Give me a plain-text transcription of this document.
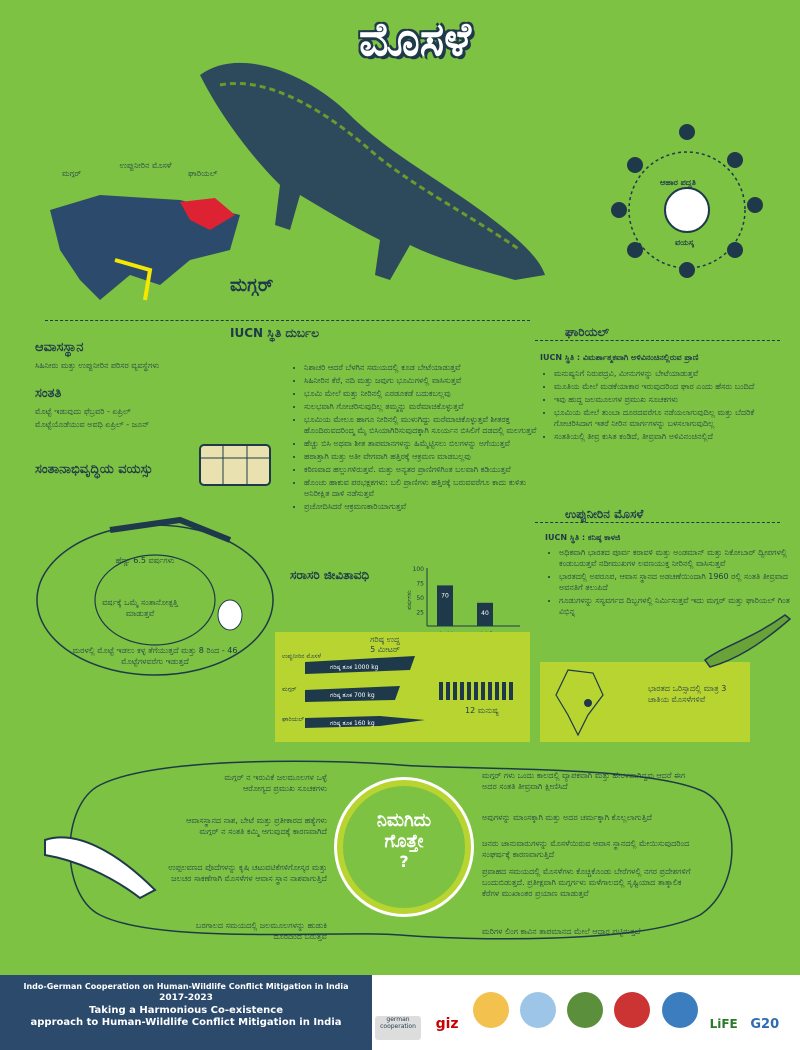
ಮೊಸಳೆ
ಮಗ್ಗರ್
ಉಪ್ಪುನೀರಿನ ಮೊಸಳೆ
ಘಾರಿಯಲ್
ಮಗ್ಗರ್
ಆಹಾರ ಪದ್ಧತಿ
ವಯಸ್ಕ
IUCN ಸ್ಥಿತಿ ದುರ್ಬಲ
ಆವಾಸಸ್ಥಾನ
ಸಿಹಿನೀರು ಮತ್ತು ಉಪ್ಪುನೀರಿನ ಪರಿಸರ ವ್ಯವಸ್ಥೆಗಳು
ಸಂತತಿ
ಮೊಟ್ಟೆ ಇಡುವುದು ಫೆಬ್ರವರಿ - ಏಪ್ರಿಲ್
ಮೊಟ್ಟೆಯೊಡೆಯುವ ಅವಧಿ ಏಪ್ರಿಲ್ - ಜೂನ್
ಸಂತಾನಾಭಿವೃದ್ಧಿಯ ವಯಸ್ಸು
ಹೆಣ್ಣು 6.5 ವರ್ಷಗಳು
ವರ್ಷಕ್ಕೆ ಒಮ್ಮೆ ಸಂತಾನೋತ್ಪತ್ತಿ ಮಾಡುತ್ತವೆ
ಮರಳಲ್ಲಿ ಮೊಟ್ಟೆ ಇಡಲು ಕಳ್ಳ ತೆಗೆಯುತ್ತದೆ ಮತ್ತು 8 ರಿಂದ - 46 ಮೊಟ್ಟೆಗಳವರೆಗು ಇಡುತ್ತದೆ
• ನಿಶಾಚರಿ ಆದರೆ ಬೆಳಗಿನ ಸಮಯದಲ್ಲಿ ಕೂಡ ಬೇಟೆಯಾಡುತ್ತವೆ
• ಸಿಹಿನೀರಿನ ಕೆರೆ, ನದಿ ಮತ್ತು ಜವುಗು ಭೂಮಿಗಳಲ್ಲಿ ವಾಸಿಸುತ್ತವೆ
• ಭೂಮಿ ಮೇಲೆ ಮತ್ತು ನೀರಿನಲ್ಲಿ ಎರಡೂಕಡೆ ಬದುಕಬಲ್ಲವು
• ಸುಲಭವಾಗಿ ಗೋಚರಿಸುವುದಿಲ್ಲ ತಮ್ಮನ್ನು ಮರೆಮಾಚಿಕೊಳ್ಳುತ್ತವೆ
• ಭೂಮಿಯ ಮೇಲೂ ಹಾಗೂ ನೀರಿನಲ್ಲಿ ಮುಳುಗಿದ್ದು ಮರೆಮಾಚಿಕೊಳ್ಳುತ್ತವೆ ಶೀತರಕ್ತ ಹೊಂದಿರುವದರಿಂದ್ಮ ಮೈ ಬಿಸಿಯಾಗಿರಿಸುವುದಕ್ಕಾಗಿ ಸೂರ್ಯನ ಬಿಸಿಲಿಗೆ ದಡದಲ್ಲಿ ಮಲಗುತ್ತವೆ
• ಹೆಚ್ಚು ಬಿಸಿ ಅಥವಾ ಶೀತ ತಾಪಮಾನಗಳನ್ನು ಹಿಮ್ಮೆಟ್ಟಿಸಲು ಬಿಲಗಳನ್ನು ಅಗೆಯುತ್ತವೆ
• ಹಠಾತ್ತಾಗಿ ಮತ್ತು ಅತೀ ವೇಗವಾಗಿ ಹತ್ತಿರಕ್ಕೆ ಆಕ್ರಮಣ ಮಾಡಬಲ್ಲವು
• ಕಠಿಣವಾದ ಹಲ್ಲುಗಳಿರುತ್ತವೆ. ಮತ್ತು ಅನ್ಯತರ ಪ್ರಾಣಿಗಳಿಗಿಂತ ಬಲವಾಗಿ ಕಡಿಯುತ್ತವೆ
• ಹೊಂಚು ಹಾಕುವ ಪರಭಕ್ಷಕಗಳು: ಬಲಿ ಪ್ರಾಣಿಗಳು ಹತ್ತಿರಕ್ಕೆ ಬರುವವರೆಗೂ ಕಾದು ಕುಳಿತು ಅನಿರೀಕ್ಷಿತ ದಾಳಿ ನಡೆಸುತ್ತವೆ
• ಪ್ರಚೋದಿಸಿದರೆ ಆಕ್ರಮಣಕಾರಿಯಾಗುತ್ತವೆ
ಸರಾಸರಿ ಜೀವಿತಾವಧಿ	100
75
50
25
ವರ್ಷಗಳು	70
40
ಗರಿಷ್ಠ ಉದ್ದ
5 ಮೀಟರ್
ಉಪ್ಪುನೀರಿನ ಮೊಸಳೆ
ಗರಿಷ್ಠ ತೂಕ 1000 kg
ಮಗ್ಗರ್
ಗರಿಷ್ಠ ತೂಕ 700 kg
ಘಾರಿಯಲ್
ಗರಿಷ್ಠ ತೂಕ 160 kg
12 ಮನುಷ್ಯ
ಘಾರಿಯಲ್
IUCN ಸ್ಥಿತಿ : ವಿಮರ್ಶಾತ್ಮಕವಾಗಿ ಅಳಿವಿನಂಚಿನಲ್ಲಿರುವ ಪ್ರಾಣಿ
• ಮನುಷ್ಯನಿಗೆ ನಿರುಪದ್ರವಿ, ಮೀನುಗಳನ್ನು ಬೇಟೆಯಾಡುತ್ತವೆ
• ಮೂತಿಯ ಮೇಲೆ ಮಡಕೆಯಾಕಾರ ಇರುವುದರಿಂದ ಘಾರ ಎಂದು ಹೆಸರು ಬಂದಿದೆ
• ಇವು ಹುದ್ದ ಜಲಮೂಲಗಳ ಪ್ರಮುಖ ಸೂಚಕಗಳು
• ಭೂಮಿಯ ಮೇಲೆ ತುಂಬಾ ದೂರದವರೆಗೂ ನಡೆಯಲಾಗುವುದಿಲ್ಲ ಮತ್ತು ಬೆದರಿಕೆ ಗೋಚರಿಸಿದಾಗ ಇತರೆ ನೀರಿನ ಮಾರ್ಗಗಳನ್ನು ಬಳಸಲಾಗುವುದಿಲ್ಲ
• ಸಂತತಿಯಲ್ಲಿ ತೀವ್ರ ಕುಸಿತ ಕಂಡಿದೆ, ತೀವ್ರವಾಗಿ ಅಳಿವಿನಂಚಿನಲ್ಲಿದೆ
ಉಪ್ಪುನೀರಿನ ಮೊಸಳೆ
IUCN ಸ್ಥಿತಿ : ಕನಿಷ್ಠ ಕಾಳಜಿ
• ಅಧಿಕವಾಗಿ ಭಾರತದ ಪೂರ್ವ ಕರಾವಳಿ ಮತ್ತು ಅಂಡಮಾನ್ ಮತ್ತು ನಿಕೋಬಾರ್ ದ್ವೀಪಗಳಲ್ಲಿ ಕಂಡುಬರುತ್ತವೆ ನದೀಮುಖಗಳ ಲವಣಯುಕ್ತ ನೀರಿನಲ್ಲಿ ವಾಸಿಸುತ್ತವೆ
• ಭಾರತದಲ್ಲಿ ಅಪರೂಪ, ಆವಾಸ ಸ್ಥಾನದ ಅಡಚಣೆಯಿಂದಾಗಿ 1960 ರಲ್ಲಿ ಸಂತತಿ ತೀವ್ರವಾದ ಅವನತಿಗೆ ತಲುಪಿದೆ
• ಗೂಡುಗಳನ್ನು ಸಸ್ಯವರ್ಗದ ದಿಬ್ಬಗಳಲ್ಲಿ ನಿರ್ಮಿಸುತ್ತವೆ ಇದು ಮಗ್ಗರ್ ಮತ್ತು ಘಾರಿಯಲ್ ಗಿಂತ ವಿಭಿನ್ನ
ಭಾರತದ ಒರಿಸ್ಸಾದಲ್ಲಿ ಮಾತ್ರ 3 ಜಾತಿಯ ಮೊಸಳೆಗಳಿವೆ
ನಿಮಗಿದು
ಗೊತ್ತೇ
?
ಮಗ್ಗರ್ ನ ಇರುವಿಕೆ ಜಲಮೂಲಗಳ ಒಳ್ಳೆ ಆರೋಗ್ಯದ ಪ್ರಮುಖ ಸೂಚಕಗಳು
ಆವಾಸಸ್ಥಾನದ ನಾಶ, ಬೇಟೆ ಮತ್ತು ಪ್ರತೀಕಾರದ ಹತ್ಯೆಗಳು ಮಗ್ಗರ್ ನ ಸಂತತಿ ಕಮ್ಮಿ ಆಗುವುದಕ್ಕೆ ಕಾರಣವಾಗಿದೆ
ಉಪ್ಪಲವಣದ ಪೊದೆಗಳನ್ನು ಕೃಷಿ ಚಟುವಟಿಕೆಗಳಿಗೋಸ್ಕರ ಮತ್ತು ಜಲಚರ ಸಾಕಣೆಗಾಗಿ ಮೊಸಳೆಗಳ ಆವಾಸ ಸ್ಥಾನ ನಾಶವಾಗುತ್ತಿದೆ
ಬರಗಾಲದ ಸಮಯದಲ್ಲಿ ಜಲಮೂಲಗಳನ್ನು ಹುಡುಕಿ ದೂರದಿಂದ ಬರುತ್ತವೆ
ಮಗ್ಗರ್ ಗಳು ಒಂದು ಕಾಲದಲ್ಲಿ ವ್ಯಾಪಕವಾಗಿ ಮತ್ತು ಹೇರಳವಾಗಿದ್ದವು ಆದರೆ ಈಗ ಅದರ ಸಂತತಿ ತೀವ್ರವಾಗಿ ಕ್ಷೀಣಿಸಿದೆ
ಅವುಗಳನ್ನು ಮಾಂಸಕ್ಕಾಗಿ ಮತ್ತು ಅದರ ಚರ್ಮಕ್ಕಾಗಿ ಕೊಲ್ಲಲಾಗುತ್ತಿದೆ
ಜನರು ಜಾನುವಾರುಗಳನ್ನು ಮೊಸಳೆಯಿರುವ ಆವಾಸ ಸ್ಥಾನದಲ್ಲಿ ಮೇಯಿಸುವುದರಿಂದ ಸಂಘರ್ಷಕ್ಕೆ ಕಾರಣವಾಗುತ್ತಿದೆ
ಪ್ರವಾಹದ ಸಮಯದಲ್ಲಿ ಮೊಸಳೆಗಳು ಕೊಚ್ಚಿಕೊಂಡು ಬೇರೆಗಳಲ್ಲಿ ನಗರ ಪ್ರದೇಶಗಳಿಗೆ ಬಂದುಬಿಡುತ್ತದೆ. ಪ್ರತೀಕ್ಷವಾಗಿ ಮಗ್ಗರ್ಗಳು ಮಳೆಗಾಲದಲ್ಲಿ ಸೃಷ್ಟಿಯಾದ ತಾತ್ಕಾಲಿಕ ಕೆರೆಗಳ ಮುಖಾಂತರ ಪ್ರಯಾಣ ಮಾಡುತ್ತವೆ
ಮರಿಗಳ ಲಿಂಗ ಕಾವಿನ ತಾಪಮಾನದ ಮೇಲೆ ಆಧಾರ ಪಟ್ಟಿರುತ್ತದೆ
Indo-German Cooperation on Human-Wildlife Conflict Mitigation in India
2017-2023
Taking a Harmonious Co-existence
approach to Human-Wildlife Conflict Mitigation in India	german cooperation giz	LiFE G20
